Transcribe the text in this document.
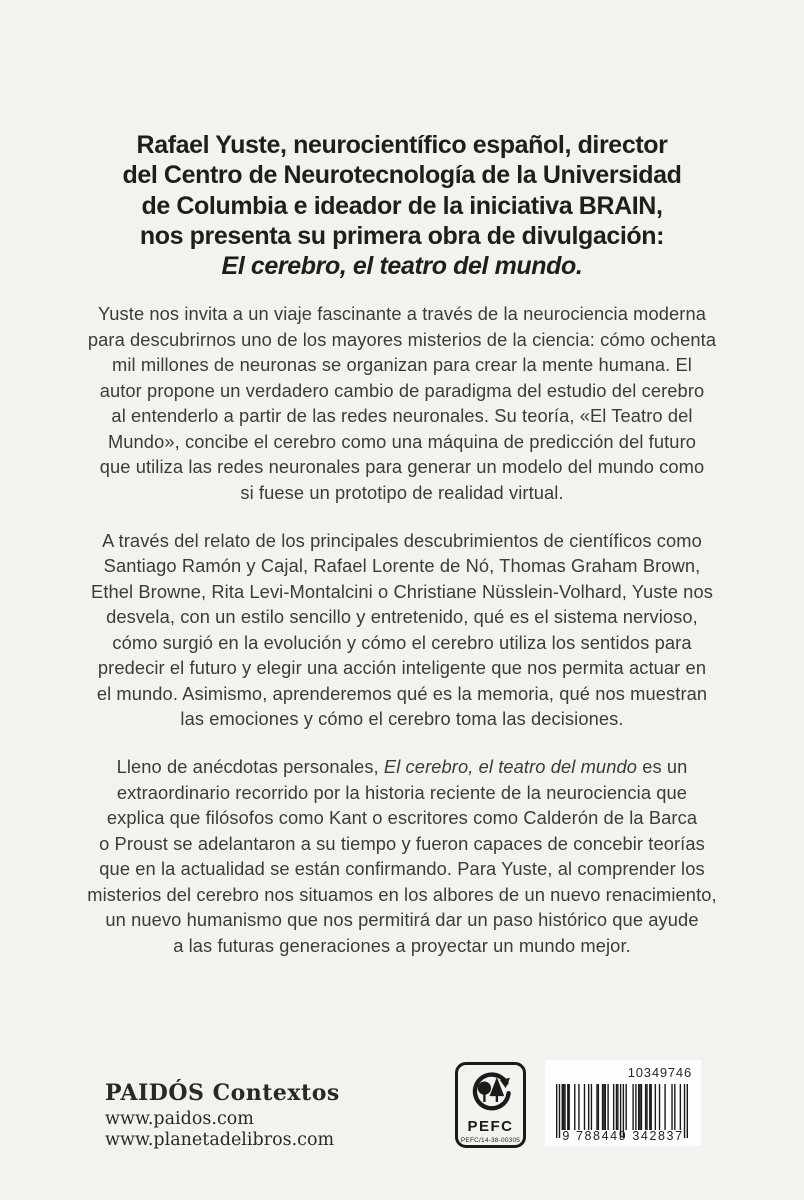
Rafael Yuste, neurocientífico español, director
del Centro de Neurotecnología de la Universidad
de Columbia e ideador de la iniciativa BRAIN,
nos presenta su primera obra de divulgación:
El cerebro, el teatro del mundo.
Yuste nos invita a un viaje fascinante a través de la neurociencia moderna
para descubrirnos uno de los mayores misterios de la ciencia: cómo ochenta
mil millones de neuronas se organizan para crear la mente humana. El
autor propone un verdadero cambio de paradigma del estudio del cerebro
al entenderlo a partir de las redes neuronales. Su teoría, «El Teatro del
Mundo», concibe el cerebro como una máquina de predicción del futuro
que utiliza las redes neuronales para generar un modelo del mundo como
si fuese un prototipo de realidad virtual.
A través del relato de los principales descubrimientos de científicos como
Santiago Ramón y Cajal, Rafael Lorente de Nó, Thomas Graham Brown,
Ethel Browne, Rita Levi-Montalcini o Christiane Nüsslein-Volhard, Yuste nos
desvela, con un estilo sencillo y entretenido, qué es el sistema nervioso,
cómo surgió en la evolución y cómo el cerebro utiliza los sentidos para
predecir el futuro y elegir una acción inteligente que nos permita actuar en
el mundo. Asimismo, aprenderemos qué es la memoria, qué nos muestran
las emociones y cómo el cerebro toma las decisiones.
Lleno de anécdotas personales, El cerebro, el teatro del mundo es un
extraordinario recorrido por la historia reciente de la neurociencia que
explica que filósofos como Kant o escritores como Calderón de la Barca
o Proust se adelantaron a su tiempo y fueron capaces de concebir teorías
que en la actualidad se están confirmando. Para Yuste, al comprender los
misterios del cerebro nos situamos en los albores de un nuevo renacimiento,
un nuevo humanismo que nos permitirá dar un paso histórico que ayude
a las futuras generaciones a proyectar un mundo mejor.
PAIDÓS Contextos
www.paidos.com
www.planetadelibros.com
PEFC
PEFC/14-38-00305
10349746
9 788449 342837
